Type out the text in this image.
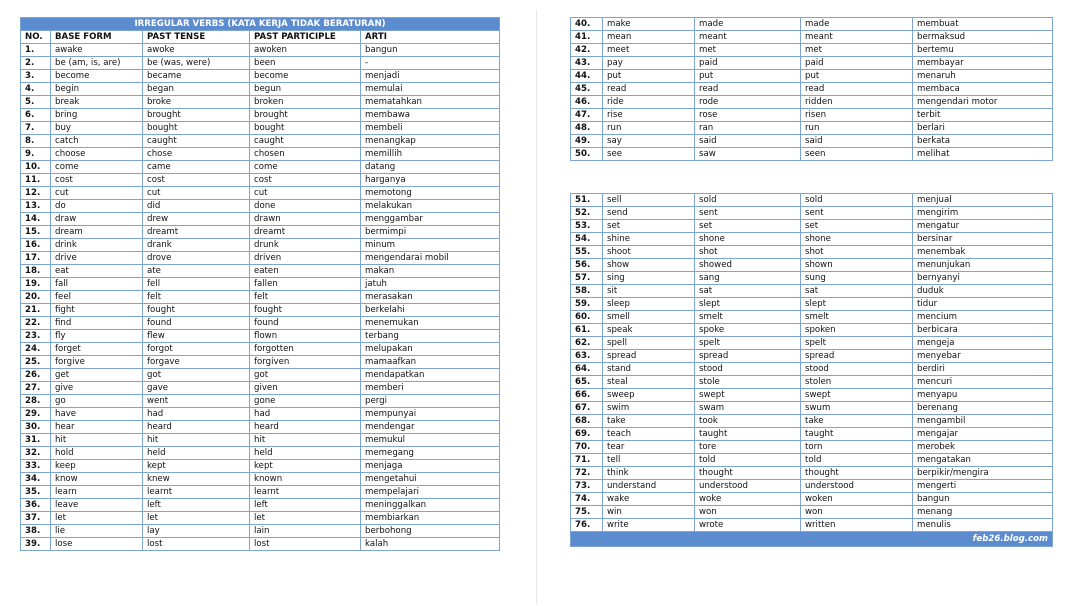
IRREGULAR VERBS (KATA KERJA TIDAK BERATURAN)				
NO.	BASE FORM	PAST TENSE	PAST PARTICIPLE	ARTI
1.	awake	awoke	awoken	bangun
2.	be (am, is, are)	be (was, were)	been	-
3.	become	became	become	menjadi
4.	begin	began	begun	memulai
5.	break	broke	broken	mematahkan
6.	bring	brought	brought	membawa
7.	buy	bought	bought	membeli
8.	catch	caught	caught	menangkap
9.	choose	chose	chosen	memillih
10.	come	came	come	datang
11.	cost	cost	cost	harganya
12.	cut	cut	cut	memotong
13.	do	did	done	melakukan
14.	draw	drew	drawn	menggambar
15.	dream	dreamt	dreamt	bermimpi
16.	drink	drank	drunk	minum
17.	drive	drove	driven	mengendarai mobil
18.	eat	ate	eaten	makan
19.	fall	fell	fallen	jatuh
20.	feel	felt	felt	merasakan
21.	fight	fought	fought	berkelahi
22.	find	found	found	menemukan
23.	fly	flew	flown	terbang
24.	forget	forgot	forgotten	melupakan
25.	forgive	forgave	forgiven	mamaafkan
26.	get	got	got	mendapatkan
27.	give	gave	given	memberi
28.	go	went	gone	pergi
29.	have	had	had	mempunyai
30.	hear	heard	heard	mendengar
31.	hit	hit	hit	memukul
32.	hold	held	held	memegang
33.	keep	kept	kept	menjaga
34.	know	knew	known	mengetahui
35.	learn	learnt	learnt	mempelajari
36.	leave	left	left	meninggalkan
37.	let	let	let	membiarkan
38.	lie	lay	lain	berbohong
39.	lose	lost	lost	kalah
40.	make	made	made	membuat
41.	mean	meant	meant	bermaksud
42.	meet	met	met	bertemu
43.	pay	paid	paid	membayar
44.	put	put	put	menaruh
45.	read	read	read	membaca
46.	ride	rode	ridden	mengendari motor
47.	rise	rose	risen	terbit
48.	run	ran	run	berlari
49.	say	said	said	berkata
50.	see	saw	seen	melihat
51.	sell	sold	sold	menjual
52.	send	sent	sent	mengirim
53.	set	set	set	mengatur
54.	shine	shone	shone	bersinar
55.	shoot	shot	shot	menembak
56.	show	showed	shown	menunjukan
57.	sing	sang	sung	bernyanyi
58.	sit	sat	sat	duduk
59.	sleep	slept	slept	tidur
60.	smell	smelt	smelt	mencium
61.	speak	spoke	spoken	berbicara
62.	spell	spelt	spelt	mengeja
63.	spread	spread	spread	menyebar
64.	stand	stood	stood	berdiri
65.	steal	stole	stolen	mencuri
66.	sweep	swept	swept	menyapu
67.	swim	swam	swum	berenang
68.	take	took	take	mengambil
69.	teach	taught	taught	mengajar
70.	tear	tore	torn	merobek
71.	tell	told	told	mengatakan
72.	think	thought	thought	berpikir/mengira
73.	understand	understood	understood	mengerti
74.	wake	woke	woken	bangun
75.	win	won	won	menang
76.	write	wrote	written	menulis
feb26.blog.com				
